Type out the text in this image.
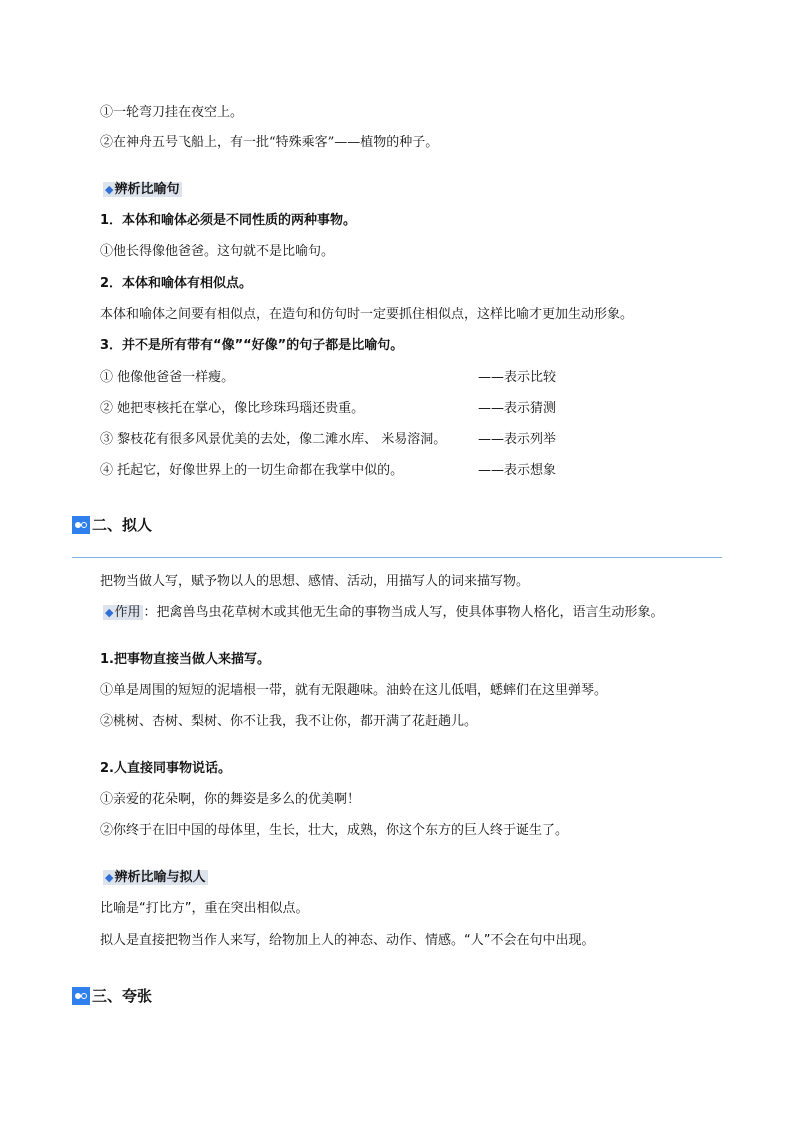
①一轮弯刀挂在夜空上。
②在神舟五号飞船上，有一批“特殊乘客”——植物的种子。
◆辨析比喻句
1．本体和喻体必须是不同性质的两种事物。
①他长得像他爸爸。这句就不是比喻句。
2．本体和喻体有相似点。
本体和喻体之间要有相似点，在造句和仿句时一定要抓住相似点，这样比喻才更加生动形象。
3．并不是所有带有“像”“好像”的句子都是比喻句。
① 他像他爸爸一样瘦。	——表示比较
② 她把枣核托在掌心，像比珍珠玛瑙还贵重。	——表示猜测
③ 黎枝花有很多风景优美的去处，像二滩水库、 米易溶洞。 ——表示列举
④ 托起它，好像世界上的一切生命都在我掌中似的。	——表示想象
二、拟人
把物当做人写，赋予物以人的思想、感情、活动，用描写人的词来描写物。
◆作用 ：把禽兽鸟虫花草树木或其他无生命的事物当成人写，使具体事物人格化，语言生动形象。
1.把事物直接当做人来描写。
①单是周围的短短的泥墙根一带，就有无限趣味。油蛉在这儿低唱，蟋蟀们在这里弹琴。
②桃树、杏树、梨树、你不让我，我不让你，都开满了花赶趟儿。
2.人直接同事物说话。
①亲爱的花朵啊，你的舞姿是多么的优美啊！
②你终于在旧中国的母体里，生长，壮大，成熟，你这个东方的巨人终于诞生了。
◆辨析比喻与拟人
比喻是“打比方”，重在突出相似点。
拟人是直接把物当作人来写，给物加上人的神态、动作、情感。“人”不会在句中出现。
三、夸张
